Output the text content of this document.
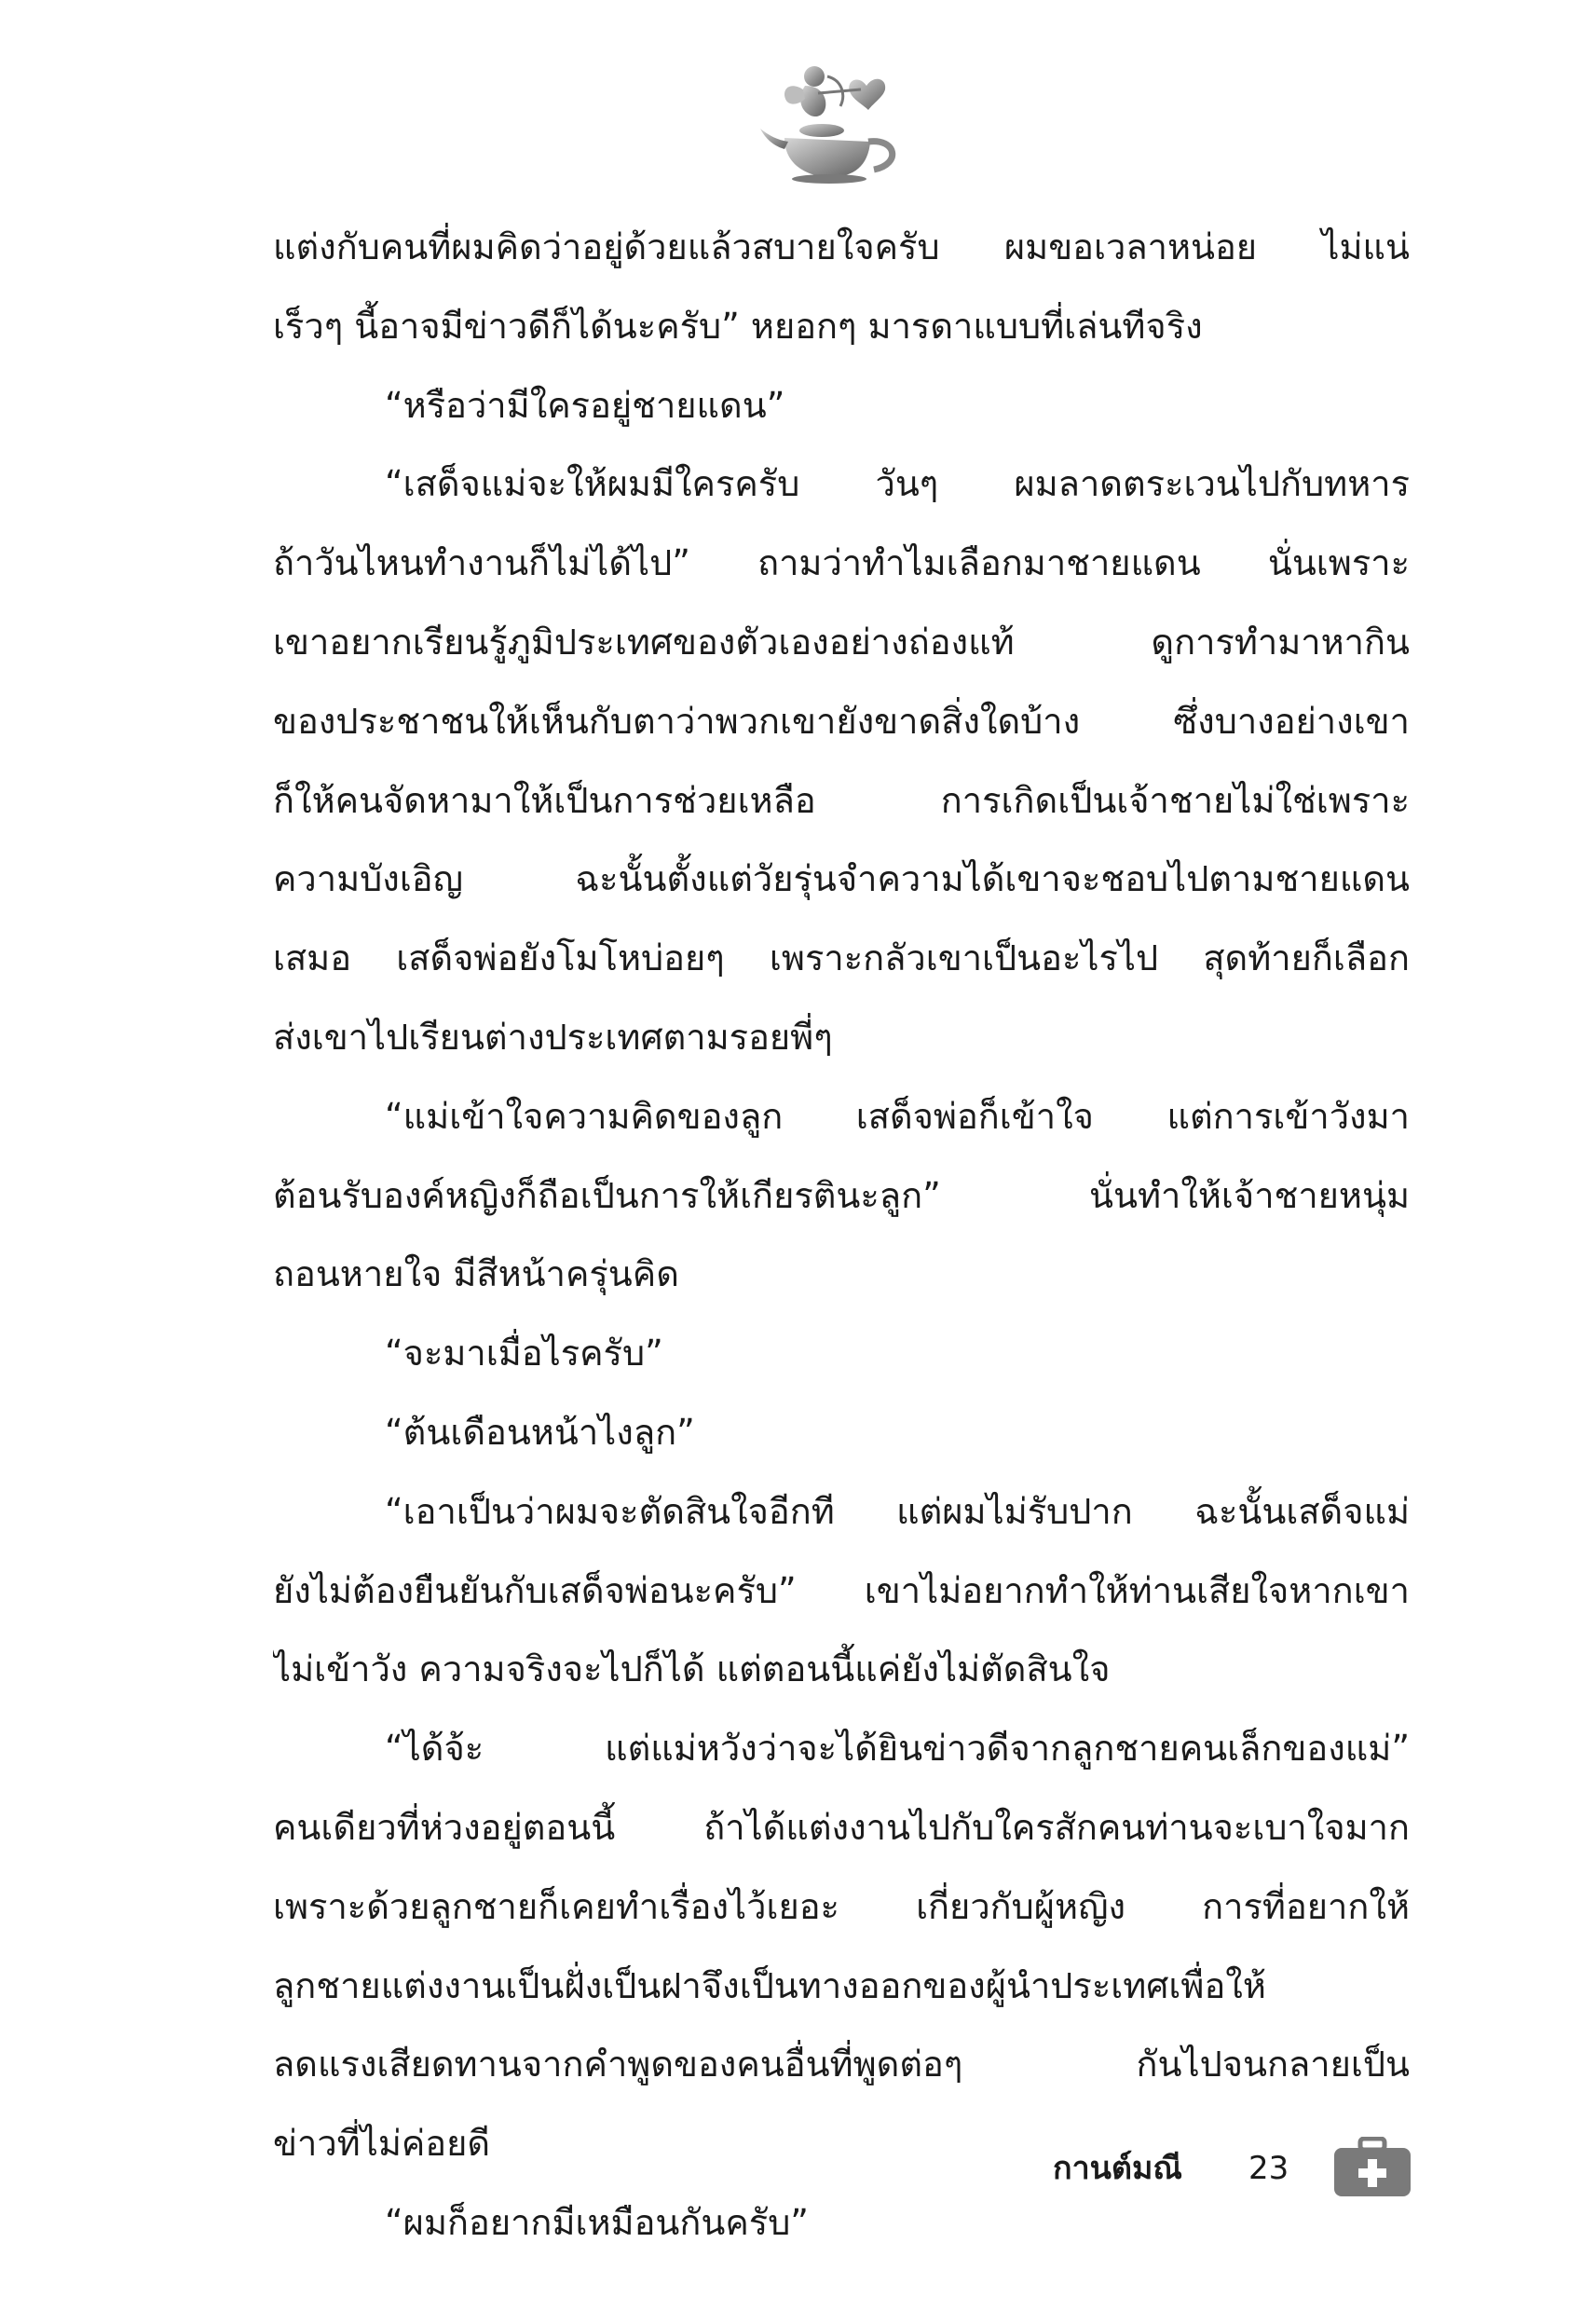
แต่งกับคนที่ผมคิดว่าอยู่ด้วยแล้วสบายใจครับ ผมขอเวลาหน่อย ไม่แน่
เร็วๆ นี้อาจมีข่าวดีก็ได้นะครับ” หยอกๆ มารดาแบบที่เล่นทีจริง
“หรือว่ามีใครอยู่ชายแดน”
“เสด็จแม่จะให้ผมมีใครครับ วันๆ ผมลาดตระเวนไปกับทหาร
ถ้าวันไหนทำงานก็ไม่ได้ไป” ถามว่าทำไมเลือกมาชายแดน นั่นเพราะ
เขาอยากเรียนรู้ภูมิประเทศของตัวเองอย่างถ่องแท้ ดูการทำมาหากิน
ของประชาชนให้เห็นกับตาว่าพวกเขายังขาดสิ่งใดบ้าง ซึ่งบางอย่างเขา
ก็ให้คนจัดหามาให้เป็นการช่วยเหลือ การเกิดเป็นเจ้าชายไม่ใช่เพราะ
ความบังเอิญ ฉะนั้นตั้งแต่วัยรุ่นจำความได้เขาจะชอบไปตามชายแดน
เสมอ เสด็จพ่อยังโมโหบ่อยๆ เพราะกลัวเขาเป็นอะไรไป สุดท้ายก็เลือก
ส่งเขาไปเรียนต่างประเทศตามรอยพี่ๆ
“แม่เข้าใจความคิดของลูก เสด็จพ่อก็เข้าใจ แต่การเข้าวังมา
ต้อนรับองค์หญิงก็ถือเป็นการให้เกียรตินะลูก” นั่นทำให้เจ้าชายหนุ่ม
ถอนหายใจ มีสีหน้าครุ่นคิด
“จะมาเมื่อไรครับ”
“ต้นเดือนหน้าไงลูก”
“เอาเป็นว่าผมจะตัดสินใจอีกที แต่ผมไม่รับปาก ฉะนั้นเสด็จแม่
ยังไม่ต้องยืนยันกับเสด็จพ่อนะครับ” เขาไม่อยากทำให้ท่านเสียใจหากเขา
ไม่เข้าวัง ความจริงจะไปก็ได้ แต่ตอนนี้แค่ยังไม่ตัดสินใจ
“ได้จ้ะ แต่แม่หวังว่าจะได้ยินข่าวดีจากลูกชายคนเล็กของแม่”
คนเดียวที่ห่วงอยู่ตอนนี้ ถ้าได้แต่งงานไปกับใครสักคนท่านจะเบาใจมาก
เพราะด้วยลูกชายก็เคยทำเรื่องไว้เยอะ เกี่ยวกับผู้หญิง การที่อยากให้
ลูกชายแต่งงานเป็นฝั่งเป็นฝาจึงเป็นทางออกของผู้นำประเทศเพื่อให้
ลดแรงเสียดทานจากคำพูดของคนอื่นที่พูดต่อๆ กันไปจนกลายเป็น
ข่าวที่ไม่ค่อยดี
“ผมก็อยากมีเหมือนกันครับ”
กานต์มณี 23
